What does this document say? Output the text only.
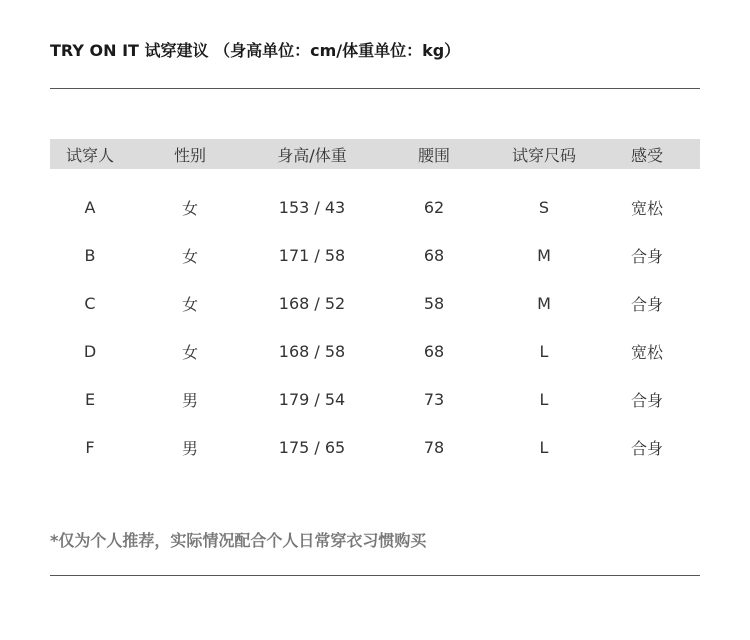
TRY ON IT 试穿建议 （身高单位：cm/体重单位：kg）
试穿人	性别	身高/体重	腰围	试穿尺码	感受
A	女	153 / 43	62	S	宽松
B	女	171 / 58	68	M	合身
C	女	168 / 52	58	M	合身
D	女	168 / 58	68	L	宽松
E	男	179 / 54	73	L	合身
F	男	175 / 65	78	L	合身
*仅为个人推荐，实际情况配合个人日常穿衣习惯购买
